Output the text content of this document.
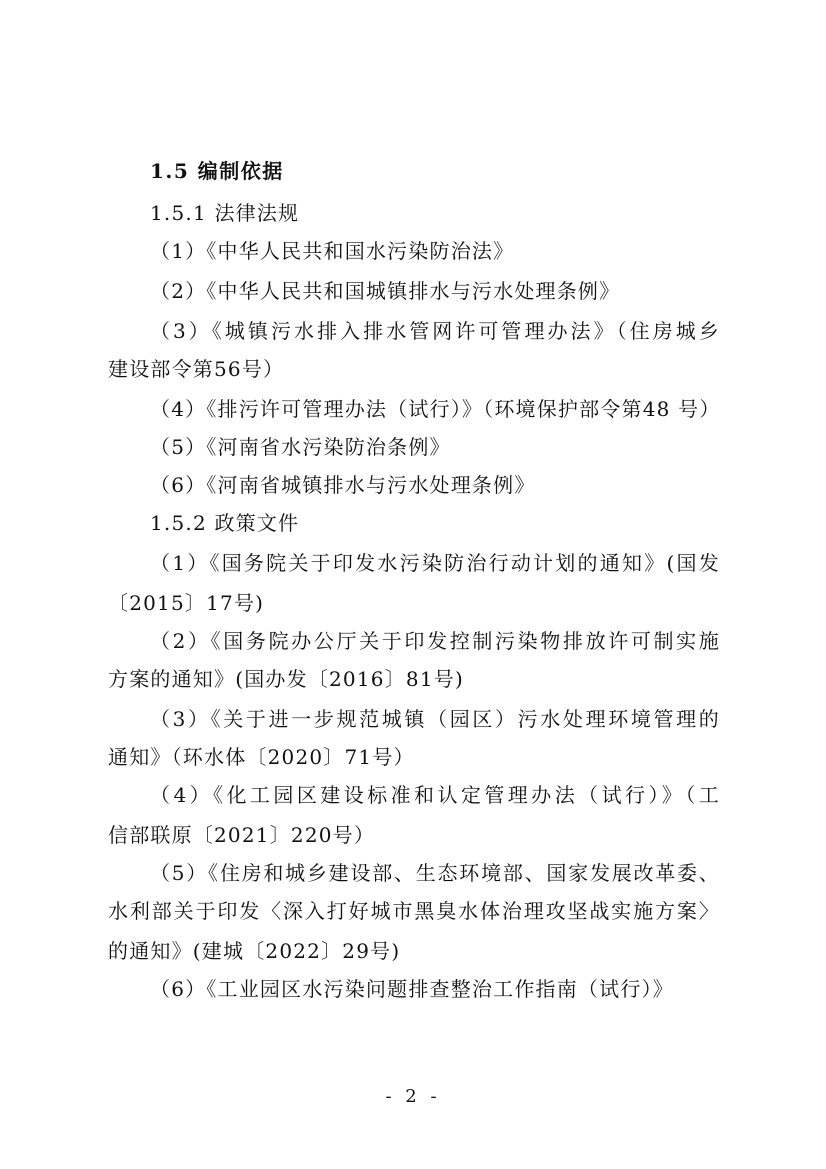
1.5 编制依据
1.5.1 法律法规
（1）《中华人民共和国水污染防治法》
（2）《中华人民共和国城镇排水与污水处理条例》
（3）《城镇污水排入排水管网许可管理办法》（住房城乡
建设部令第56号）
（4）《排污许可管理办法（试行）》（环境保护部令第48 号）
（5）《河南省水污染防治条例》
（6）《河南省城镇排水与污水处理条例》
1.5.2 政策文件
（1）《国务院关于印发水污染防治行动计划的通知》(国发
〔2015〕17号)
（2）《国务院办公厅关于印发控制污染物排放许可制实施
方案的通知》(国办发〔2016〕81号)
（3）《关于进一步规范城镇（园区）污水处理环境管理的
通知》（环水体〔2020〕71号）
（4）《化工园区建设标准和认定管理办法（试行）》（工
信部联原〔2021〕220号）
（5）《住房和城乡建设部、生态环境部、国家发展改革委、
水利部关于印发〈深入打好城市黑臭水体治理攻坚战实施方案〉
的通知》(建城〔2022〕29号)
（6）《工业园区水污染问题排查整治工作指南（试行）》
- 2 -
